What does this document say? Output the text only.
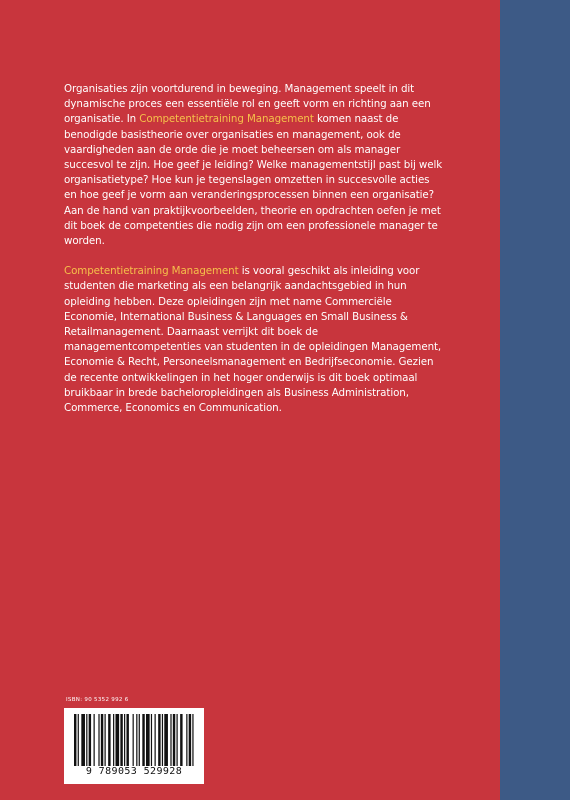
Organisaties zijn voortdurend in beweging. Management speelt in dit dynamische proces een essentiële rol en geeft vorm en richting aan een organisatie. In Competentietraining Management komen naast de benodigde basistheorie over organisaties en management, ook de vaardigheden aan de orde die je moet beheersen om als manager succesvol te zijn. Hoe geef je leiding? Welke managementstijl past bij welk organisatietype? Hoe kun je tegenslagen omzetten in succesvolle acties en hoe geef je vorm aan veranderingsprocessen binnen een organisatie?

Aan de hand van praktijkvoorbeelden, theorie en opdrachten oefen je met dit boek de competenties die nodig zijn om een professionele manager te worden.

Competentietraining Management is vooral geschikt als inleiding voor studenten die marketing als een belangrijk aandachtsgebied in hun opleiding hebben. Deze opleidingen zijn met name Commerciële Economie, International Business & Languages en Small Business & Retailmanagement. Daarnaast verrijkt dit boek de managementcompetenties van studenten in de opleidingen Management, Economie & Recht, Personeelsmanagement en Bedrijfseconomie. Gezien de recente ontwikkelingen in het hoger onderwijs is dit boek optimaal bruikbaar in brede bacheloropleidingen als Business Administration, Commerce, Economics en Communication.

ISBN: 90 5352 992 6
9 789053 529928
